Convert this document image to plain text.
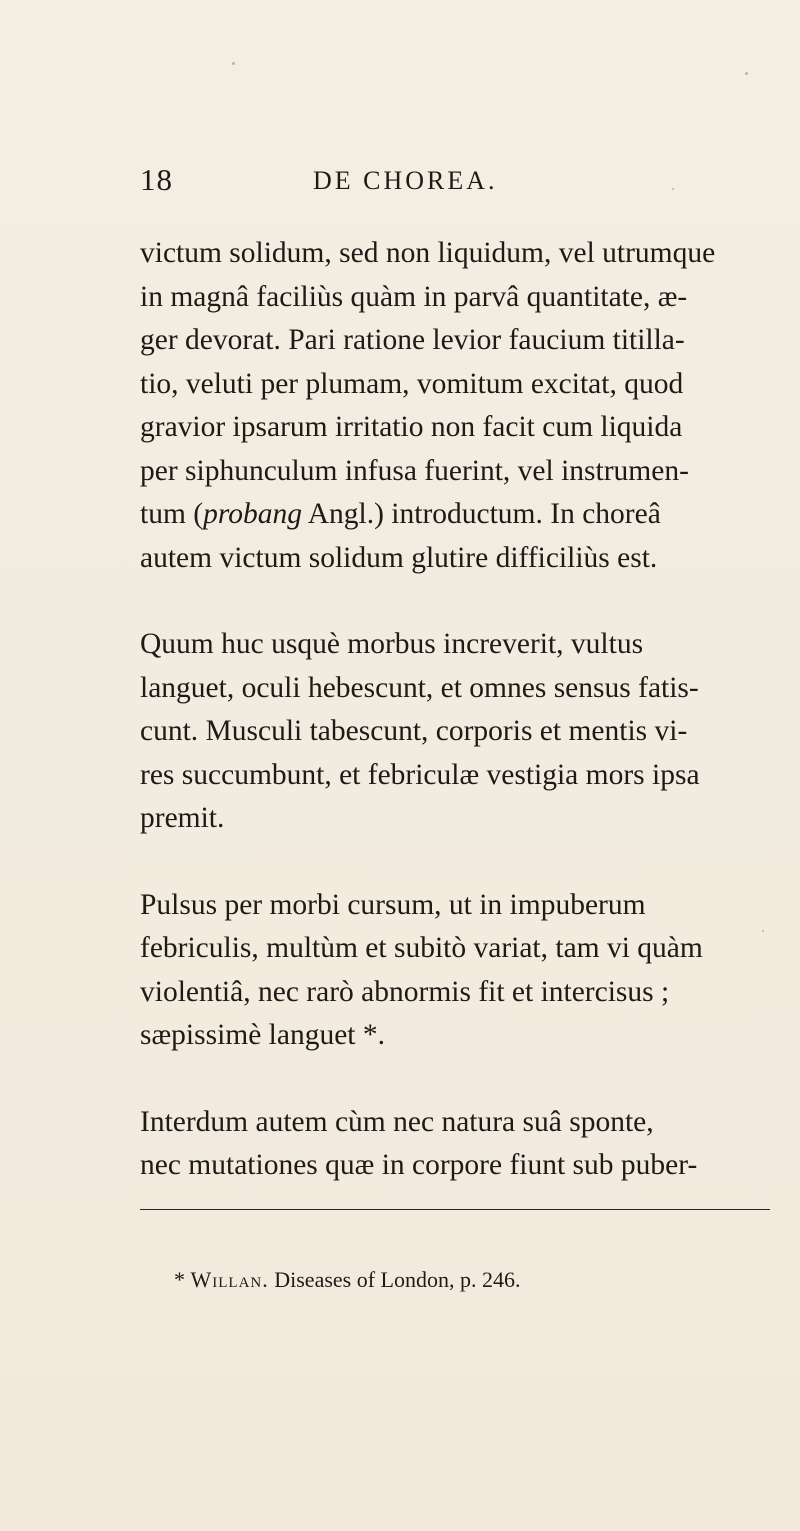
18	DE CHOREA.

victum solidum, sed non liquidum, vel utrumque
in magnâ faciliùs quàm in parvâ quantitate, æ-
ger devorat. Pari ratione levior faucium titilla-
tio, veluti per plumam, vomitum excitat, quod
gravior ipsarum irritatio non facit cum liquida
per siphunculum infusa fuerint, vel instrumen-

tum (probang Angl.) introductum. In choreâ
autem victum solidum glutire difficiliùs est.

Quum huc usquè morbus increverit, vultus
languet, oculi hebescunt, et omnes sensus fatis-
cunt. Musculi tabescunt, corporis et mentis vi-
res succumbunt, et febriculæ vestigia mors ipsa
premit.

Pulsus per morbi cursum, ut in impuberum
febriculis, multùm et subitò variat, tam vi quàm
violentiâ, nec rarò abnormis fit et intercisus ;
sæpissimè languet *.

Interdum autem cùm nec natura suâ sponte,
nec mutationes quæ in corpore fiunt sub puber-

* Willan. Diseases of London, p. 246.
